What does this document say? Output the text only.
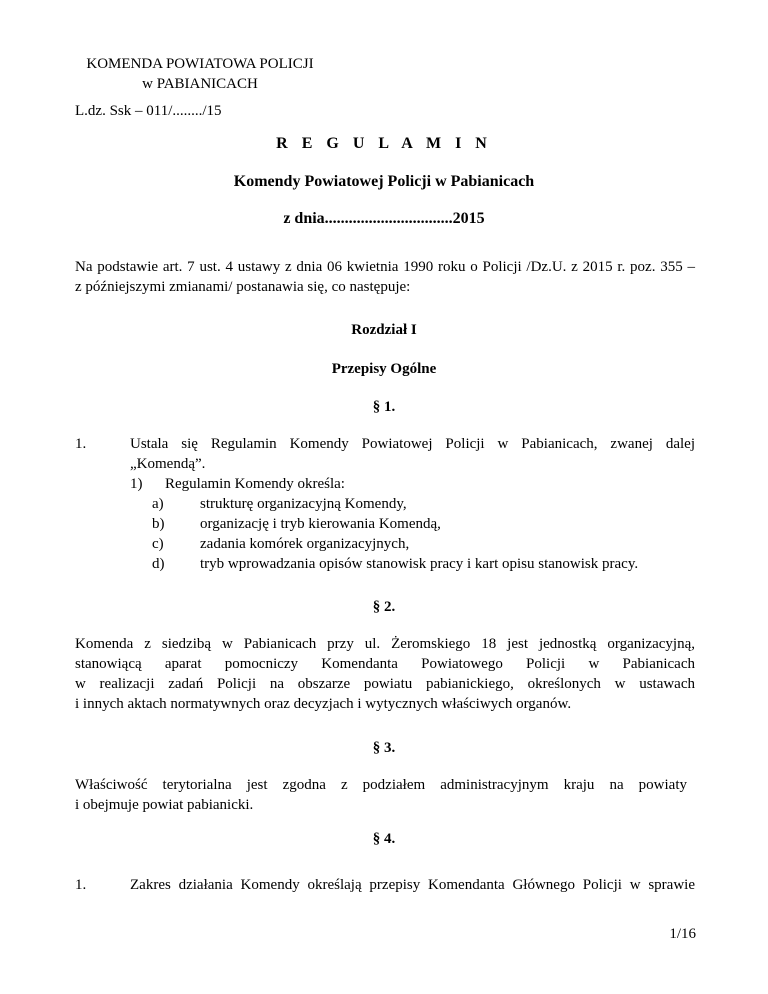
KOMENDA POWIATOWA POLICJI
w PABIANICACH
L.dz. Ssk – 011/......../15
R E G U L A M I N
Komendy Powiatowej Policji w Pabianicach
z dnia................................2015
Na podstawie art. 7 ust. 4 ustawy z dnia 06 kwietnia 1990 roku o Policji /Dz.U. z 2015 r. poz. 355 –
z późniejszymi zmianami/ postanawia się, co następuje:
Rozdział I
Przepisy Ogólne
§ 1.
1.	Ustala się Regulamin Komendy Powiatowej Policji w Pabianicach, zwanej dalej
„Komendą”.
1) Regulamin Komendy określa:
a) strukturę organizacyjną Komendy,
b) organizację i tryb kierowania Komendą,
c) zadania komórek organizacyjnych,
d) tryb wprowadzania opisów stanowisk pracy i kart opisu stanowisk pracy.
§ 2.
Komenda z siedzibą w Pabianicach przy ul. Żeromskiego 18 jest jednostką organizacyjną,
stanowiącą aparat pomocniczy Komendanta Powiatowego Policji w Pabianicach
w realizacji zadań Policji na obszarze powiatu pabianickiego, określonych w ustawach
i innych aktach normatywnych oraz decyzjach i wytycznych właściwych organów.
§ 3.
Właściwość terytorialna jest zgodna z podziałem administracyjnym kraju na powiaty
i obejmuje powiat pabianicki.
§ 4.
1.	Zakres działania Komendy określają przepisy Komendanta Głównego Policji w sprawie
1/16
